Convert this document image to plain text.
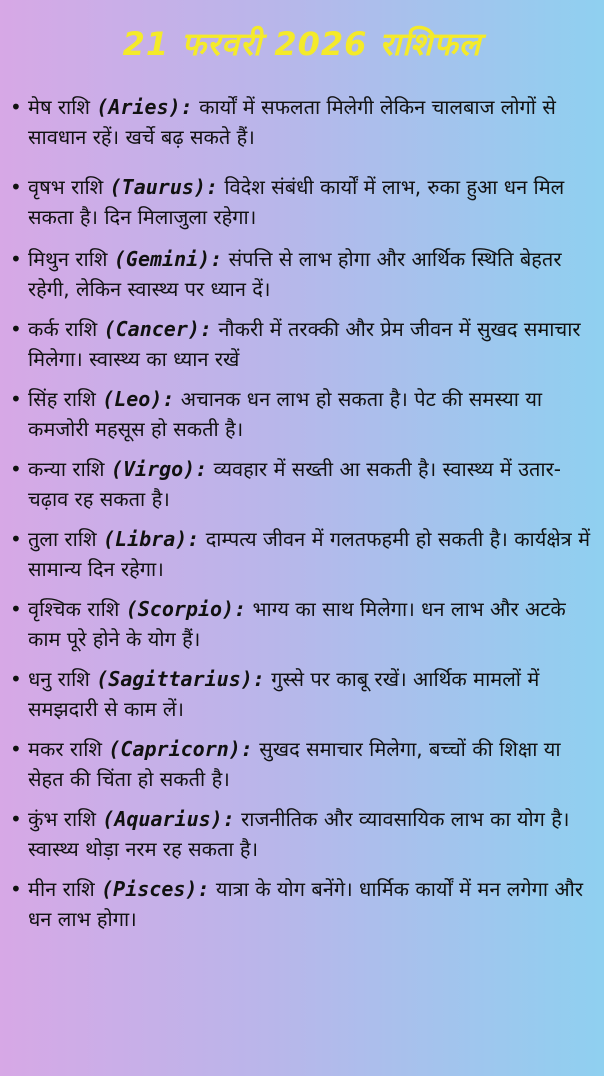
21 फरवरी 2026 राशिफल
• मेष राशि (Aries): कार्यों में सफलता मिलेगी लेकिन चालबाज लोगों से सावधान रहें। खर्चे बढ़ सकते हैं।
• वृषभ राशि (Taurus): विदेश संबंधी कार्यों में लाभ, रुका हुआ धन मिल सकता है। दिन मिलाजुला रहेगा।
• मिथुन राशि (Gemini): संपत्ति से लाभ होगा और आर्थिक स्थिति बेहतर रहेगी, लेकिन स्वास्थ्य पर ध्यान दें।
• कर्क राशि (Cancer): नौकरी में तरक्की और प्रेम जीवन में सुखद समाचार मिलेगा। स्वास्थ्य का ध्यान रखें
• सिंह राशि (Leo): अचानक धन लाभ हो सकता है। पेट की समस्या या कमजोरी महसूस हो सकती है।
• कन्या राशि (Virgo): व्यवहार में सख्ती आ सकती है। स्वास्थ्य में उतार-चढ़ाव रह सकता है।
• तुला राशि (Libra): दाम्पत्य जीवन में गलतफहमी हो सकती है। कार्यक्षेत्र में सामान्य दिन रहेगा।
• वृश्चिक राशि (Scorpio): भाग्य का साथ मिलेगा। धन लाभ और अटके काम पूरे होने के योग हैं।
• धनु राशि (Sagittarius): गुस्से पर काबू रखें। आर्थिक मामलों में समझदारी से काम लें।
• मकर राशि (Capricorn): सुखद समाचार मिलेगा, बच्चों की शिक्षा या सेहत की चिंता हो सकती है।
• कुंभ राशि (Aquarius): राजनीतिक और व्यावसायिक लाभ का योग है। स्वास्थ्य थोड़ा नरम रह सकता है।
• मीन राशि (Pisces): यात्रा के योग बनेंगे। धार्मिक कार्यों में मन लगेगा और धन लाभ होगा।
